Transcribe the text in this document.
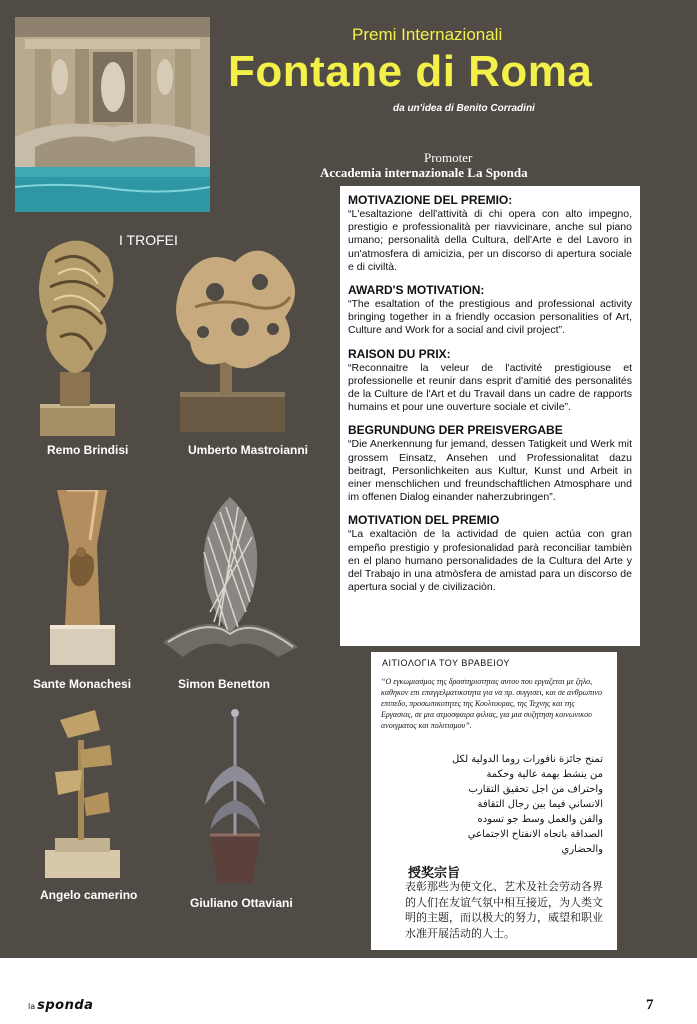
Premi Internazionali
Fontane di Roma
da un'idea di Benito Corradini
Promoter
Accademia internazionale La Sponda
I TROFEI
Remo Brindisi	Umberto Mastroianni
Sante Monachesi	Simon Benetton
Angelo camerino
Giuliano Ottaviani
MOTIVAZIONE DEL PREMIO:
“L'esaltazione dell'attività di chi opera con alto impegno, prestigio e professionalità per riavvicinare, anche sul piano umano; personalità della Cultura, dell'Arte e del Lavoro in un'atmosfera di amicizia, per un discorso di apertura sociale e di civiltà.
AWARD'S MOTIVATION:
“The esaltation of the prestigious and professional activity bringing together in a friendly occasion personalities of Art, Culture and Work for a social and civil project”.
RAISON DU PRIX:
“Reconnaitre la veleur de l'activité prestigiouse et professionelle et reunir dans esprit d'amitié des personalités de la Culture de l'Art et du Travail dans un cadre de rapports humains et pour une ouverture sociale et civile”.
BEGRUNDUNG DER PREISVERGABE
“Die Anerkennung fur jemand, dessen Tatigkeit und Werk mit grossem Einsatz, Ansehen und Professionalitat dazu beitragt, Personlichkeiten aus Kultur, Kunst und Arbeit in einer menschlichen und freundschaftlichen Atmosphare und im offenen Dialog einander naherzubringen”.
MOTIVATION DEL PREMIO
“La exaltaciòn de la actividad de quien actúa con gran empeño prestigio y profesionalidad parà reconciliar tambièn en el plano humano personalidades de la Cultura del Arte y del Trabajo in una atmòsfera de amistad para un discorso de apertura social y de civilizaciòn.
ΑΙΤΙΟΛΟΓΙΑ ΤΟΥ ΒΡΑΒΕΙΟΥ
“Ο εγκωμιασμος της δραστηριοτητας αυτου που εργαζεται με ζηλο, καθηκον επι επαγγελματικοτητα για να πρ. συγγισει, και σε ανθρωπινο επιπεδο, προσωπικοτητες της Κουλτουρας, της Τεχνης και της Εργασιας, σε μια ατμοσφαιρα φιλιας, για μια συζητηση κοινωνικου ανοιγματος και πολιτισμου”.
تمنح جائزة نافورات روما الدولية لكل من ينشط بهمة عالية وحكمة واحتراف من اجل تحقيق التقارب الانساني فيما بين رجال الثقافة والفن والعمل وسط جو تسوده الصداقة باتجاه الانفتاح الاجتماعي والحضاري
授奖宗旨
表彰那些为使文化、艺术及社会劳动各界的人们在友谊气氛中相互接近，为人类文明的主题，而以极大的努力，威望和职业水准开展活动的人士。
la sponda	7
